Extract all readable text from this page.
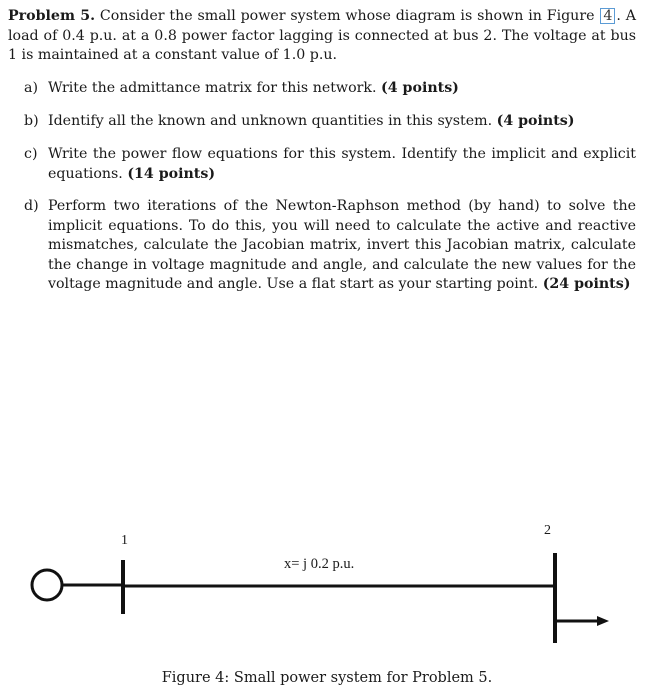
Problem 5. Consider the small power system whose diagram is shown in Figure 4 . A load of 0.4 p.u. at a 0.8 power factor lagging is connected at bus 2. The voltage at bus 1 is maintained at a constant value of 1.0 p.u.
a) Write the admittance matrix for this network. (4 points)
b) Identify all the known and unknown quantities in this system. (4 points)
c) Write the power flow equations for this system. Identify the implicit and explicit equations. (14 points)
d) Perform two iterations of the Newton-Raphson method (by hand) to solve the implicit equations. To do this, you will need to calculate the active and reactive mismatches, calculate the Jacobian matrix, invert this Jacobian matrix, calculate the change in voltage magnitude and angle, and calculate the new values for the voltage magnitude and angle. Use a flat start as your starting point. (24 points)
1
2
x= j 0.2 p.u.
Figure 4: Small power system for Problem 5.
